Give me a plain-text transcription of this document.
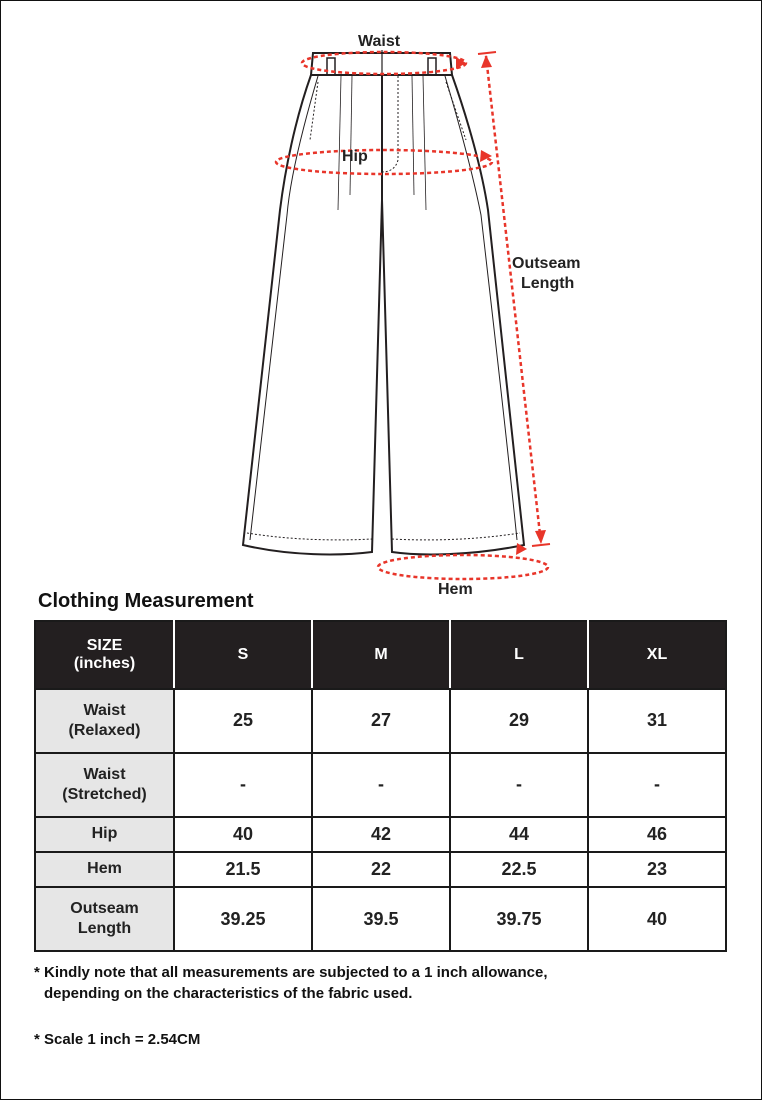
Waist
Hip
Outseam
Length
Hem
Clothing Measurement
SIZE
(inches)	S	M	L	XL

Waist
(Relaxed)	25	27	29	31

Waist
(Stretched)	-	-	-	-

Hip	40	42	44	46

Hem	21.5	22	22.5	23

Outseam
Length	39.25	39.5	39.75	40
* Kindly note that all measurements are subjected to a 1 inch allowance,
depending on the characteristics of the fabric used.
* Scale 1 inch = 2.54CM
